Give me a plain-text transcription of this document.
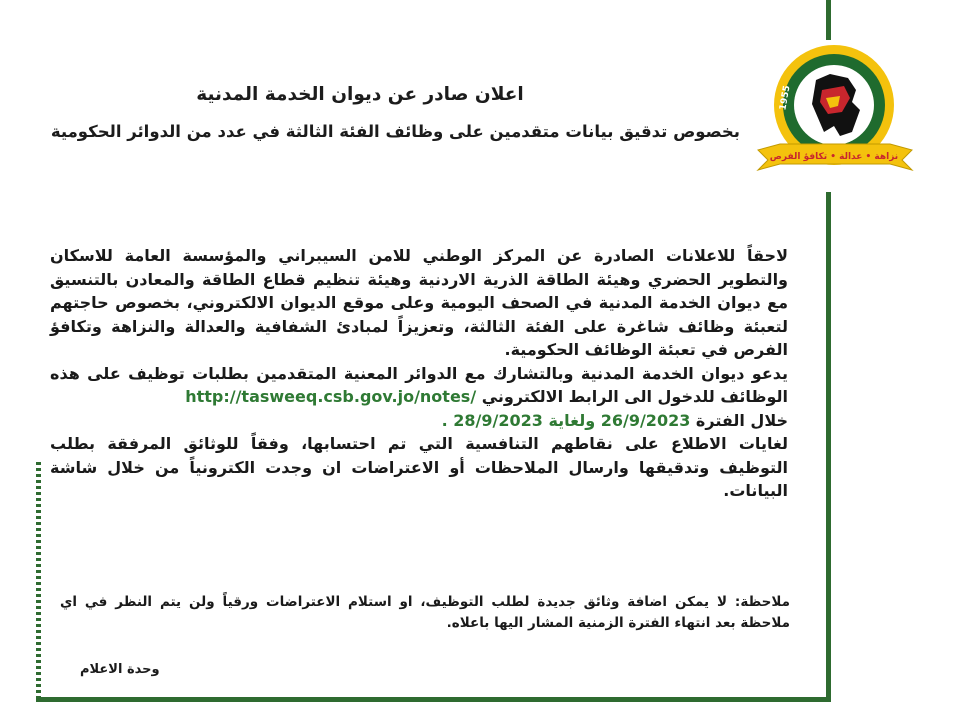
1955
نزاهة • عدالة • تكافؤ الفرص
اعلان صادر عن ديوان الخدمة المدنية
بخصوص تدقيق بيانات متقدمين على وظائف الفئة الثالثة في عدد من الدوائر الحكومية

لاحقاً للاعلانات الصادرة عن المركز الوطني للامن السيبراني والمؤسسة العامة للاسكان والتطوير الحضري وهيئة الطاقة الذرية الاردنية وهيئة تنظيم قطاع الطاقة والمعادن بالتنسيق مع ديوان الخدمة المدنية في الصحف اليومية وعلى موقع الديوان الالكتروني، بخصوص حاجتهم لتعبئة وظائف شاغرة على الفئة الثالثة، وتعزيزاً لمبادئ الشفافية والعدالة والنزاهة وتكافؤ الفرص في تعبئة الوظائف الحكومية.

يدعو ديوان الخدمة المدنية وبالتشارك مع الدوائر المعنية المتقدمين بطلبات توظيف على هذه الوظائف للدخول الى الرابط الالكتروني http://tasweeq.csb.gov.jo/notes/

خلال الفترة 26/9/2023 ولغاية 28/9/2023 .

لغايات الاطلاع على نقاطهم التنافسية التي تم احتسابها، وفقاً للوثائق المرفقة بطلب التوظيف وتدقيقها وارسال الملاحظات أو الاعتراضات ان وجدت الكترونياً من خلال شاشة البيانات.

ملاحظة: لا يمكن اضافة وثائق جديدة لطلب التوظيف، او استلام الاعتراضات ورقياً ولن يتم النظر في اي ملاحظة بعد انتهاء الفترة الزمنية المشار اليها باعلاه.

وحدة الاعلام
